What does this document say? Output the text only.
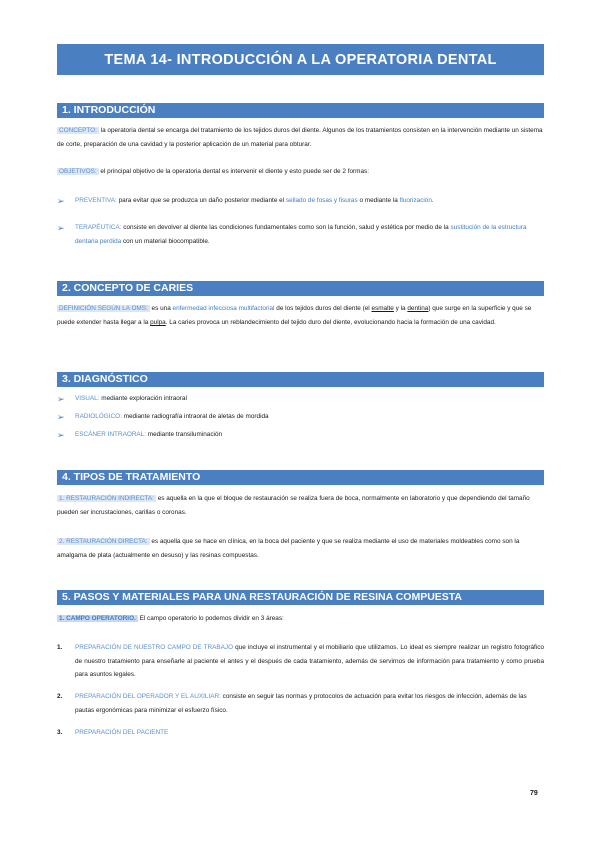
TEMA 14- INTRODUCCIÓN A LA OPERATORIA DENTAL
1. INTRODUCCIÓN
CONCEPTO: la operatoria dental se encarga del tratamiento de los tejidos duros del diente. Algunos de los tratamientos consisten en la intervención mediante un sistema de corte, preparación de una cavidad y la posterior aplicación de un material para obturar.
OBJETIVOS: el principal objetivo de la operatoria dental es intervenir el diente y esto puede ser de 2 formas:
➢ PREVENTIVA: para evitar que se produzca un daño posterior mediante el sellado de fosas y fisuras o mediante la fluorización.
➢ TERAPÉUTICA: consiste en devolver al diente las condiciones fundamentales como son la función, salud y estética por medio de la sustitución de la estructura dentaria perdida con un material biocompatible.
2. CONCEPTO DE CARIES
DEFINICIÓN SEGÚN LA OMS: es una enfermedad infecciosa multifactorial de los tejidos duros del diente (el esmalte y la dentina) que surge en la superficie y que se puede extender hasta llegar a la pulpa. La caries provoca un reblandecimiento del tejido duro del diente, evolucionando hacia la formación de una cavidad.
3. DIAGNÓSTICO
➢ VISUAL: mediante exploración intraoral
➢ RADIOLÓGICO: mediante radiografía intraoral de aletas de mordida
➢ ESCÁNER INTRAORAL: mediante transiluminación
4. TIPOS DE TRATAMIENTO
1. RESTAURACIÓN INDIRECTA: es aquella en la que el bloque de restauración se realiza fuera de boca, normalmente en laboratorio y que dependiendo del tamaño pueden ser incrustaciones, carillas o coronas.
2. RESTAURACIÓN DIRECTA: es aquella que se hace en clínica, en la boca del paciente y que se realiza mediante el uso de materiales moldeables como son la amalgama de plata (actualmente en desuso) y las resinas compuestas.
5. PASOS Y MATERIALES PARA UNA RESTAURACIÓN DE RESINA COMPUESTA
1. CAMPO OPERATORIO. El campo operatorio lo podemos dividir en 3 áreas:
1. PREPARACIÓN DE NUESTRO CAMPO DE TRABAJO que incluye el instrumental y el mobiliario que utilizamos. Lo ideal es siempre realizar un registro fotográfico de nuestro tratamiento para enseñarle al paciente el antes y el después de cada tratamiento, además de servirnos de información para tratamiento y como prueba para asuntos legales.
2. PREPARACIÓN DEL OPERADOR Y EL AUXILIAR: consiste en seguir las normas y protocolos de actuación para evitar los riesgos de infección, además de las pautas ergonómicas para minimizar el esfuerzo físico.
3. PREPARACIÓN DEL PACIENTE
79
